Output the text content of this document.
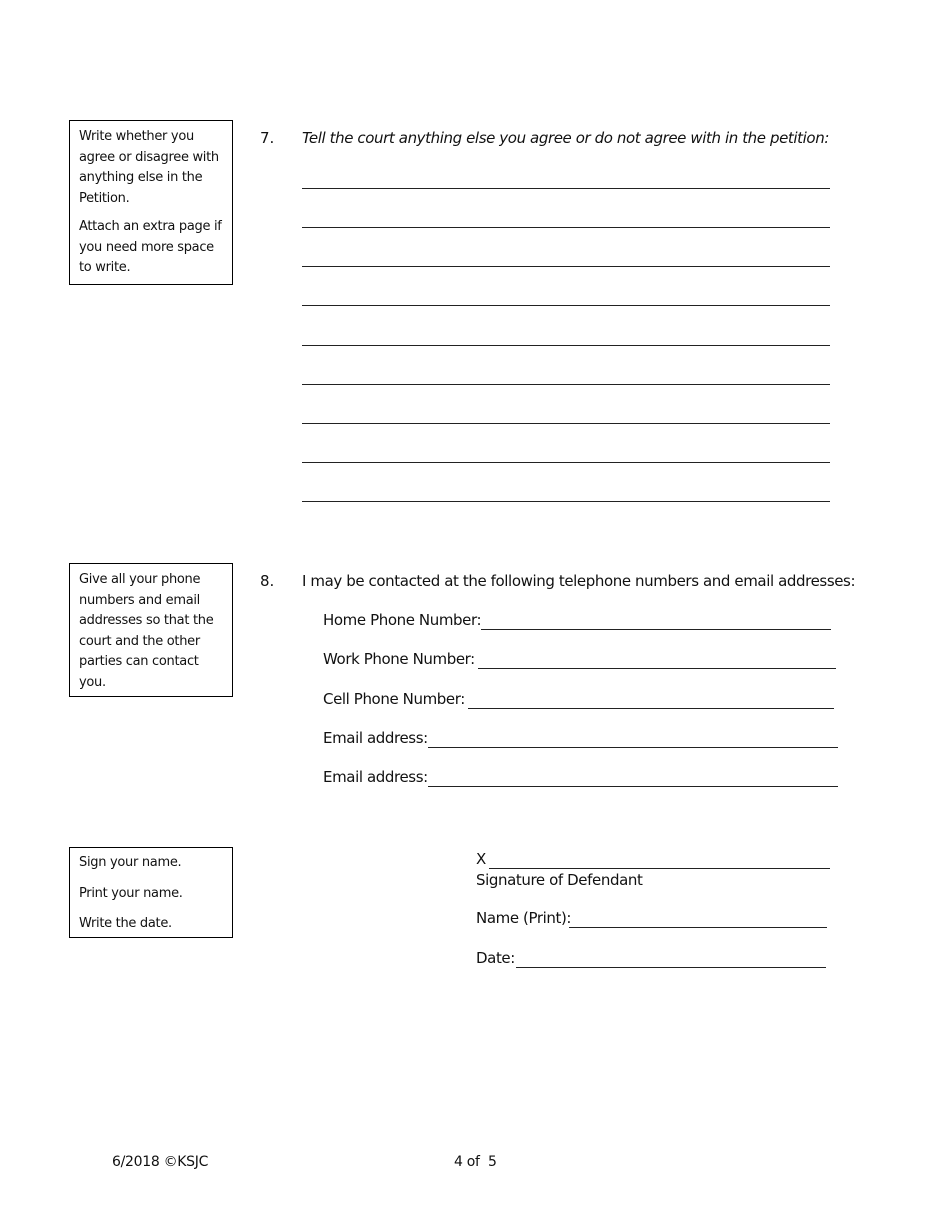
Write whether you agree or disagree with anything else in the Petition.

Attach an extra page if you need more space to write.

7. Tell the court anything else you agree or do not agree with in the petition:

Give all your phone numbers and email addresses so that the court and the other parties can contact you.

8. I may be contacted at the following telephone numbers and email addresses:
Home Phone Number:
Work Phone Number:
Cell Phone Number:
Email address:
Email address:

Sign your name.

Print your name.

Write the date.

X
Signature of Defendant
Name (Print):
Date:
6/2018 ©KSJC	4 of  5
